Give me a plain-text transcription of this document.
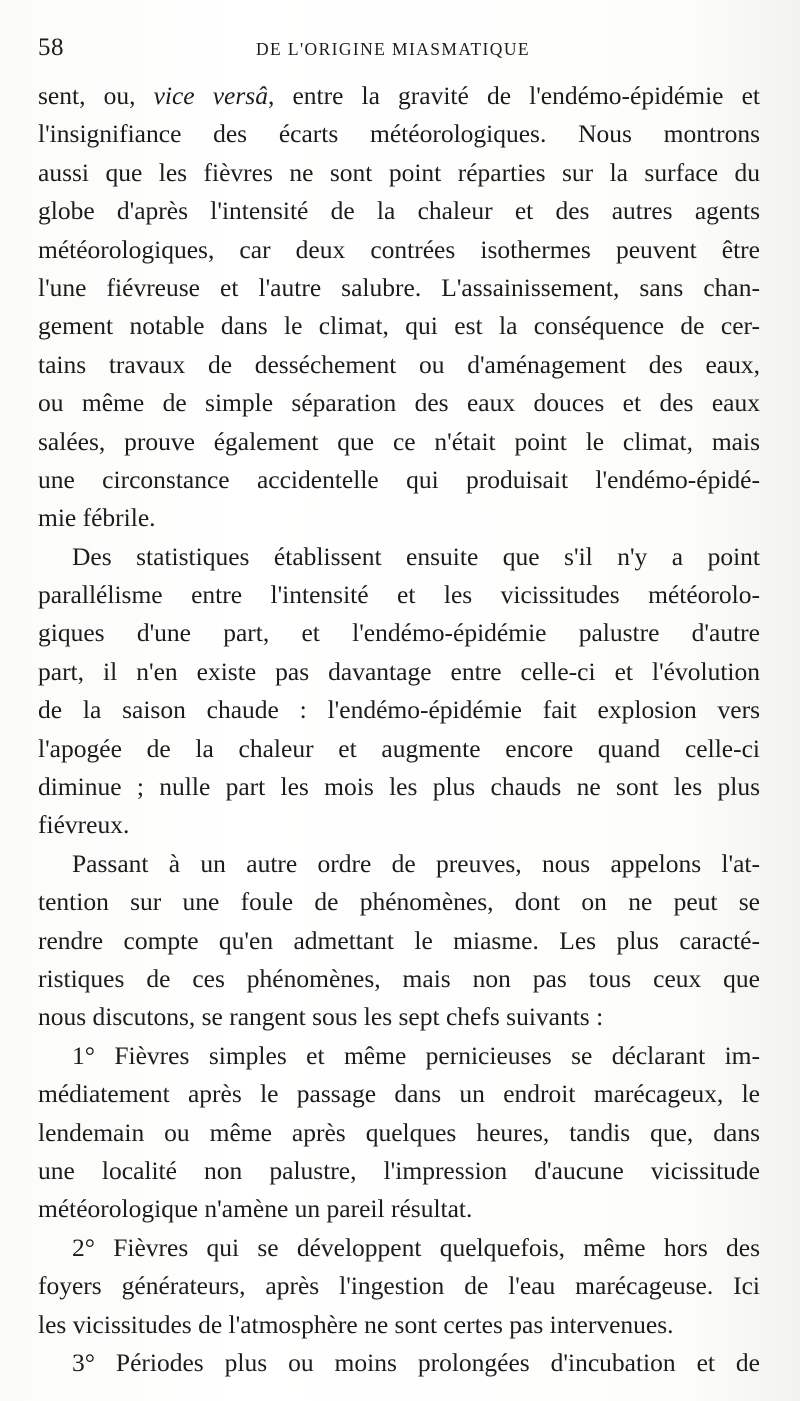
58	DE L'ORIGINE MIASMATIQUE
sent, ou, vice versâ, entre la gravité de l'endémo-épidémie et
l'insignifiance des écarts météorologiques. Nous montrons
aussi que les fièvres ne sont point réparties sur la surface du
globe d'après l'intensité de la chaleur et des autres agents
météorologiques, car deux contrées isothermes peuvent être
l'une fiévreuse et l'autre salubre. L'assainissement, sans chan-
gement notable dans le climat, qui est la conséquence de cer-
tains travaux de desséchement ou d'aménagement des eaux,
ou même de simple séparation des eaux douces et des eaux
salées, prouve également que ce n'était point le climat, mais
une circonstance accidentelle qui produisait l'endémo-épidé-
mie fébrile.
Des statistiques établissent ensuite que s'il n'y a point
parallélisme entre l'intensité et les vicissitudes météorolo-
giques d'une part, et l'endémo-épidémie palustre d'autre
part, il n'en existe pas davantage entre celle-ci et l'évolution
de la saison chaude : l'endémo-épidémie fait explosion vers
l'apogée de la chaleur et augmente encore quand celle-ci
diminue ; nulle part les mois les plus chauds ne sont les plus
fiévreux.
Passant à un autre ordre de preuves, nous appelons l'at-
tention sur une foule de phénomènes, dont on ne peut se
rendre compte qu'en admettant le miasme. Les plus caracté-
ristiques de ces phénomènes, mais non pas tous ceux que
nous discutons, se rangent sous les sept chefs suivants :
1° Fièvres simples et même pernicieuses se déclarant im-
médiatement après le passage dans un endroit marécageux, le
lendemain ou même après quelques heures, tandis que, dans
une localité non palustre, l'impression d'aucune vicissitude
météorologique n'amène un pareil résultat.
2° Fièvres qui se développent quelquefois, même hors des
foyers générateurs, après l'ingestion de l'eau marécageuse. Ici
les vicissitudes de l'atmosphère ne sont certes pas intervenues.
3° Périodes plus ou moins prolongées d'incubation et de
